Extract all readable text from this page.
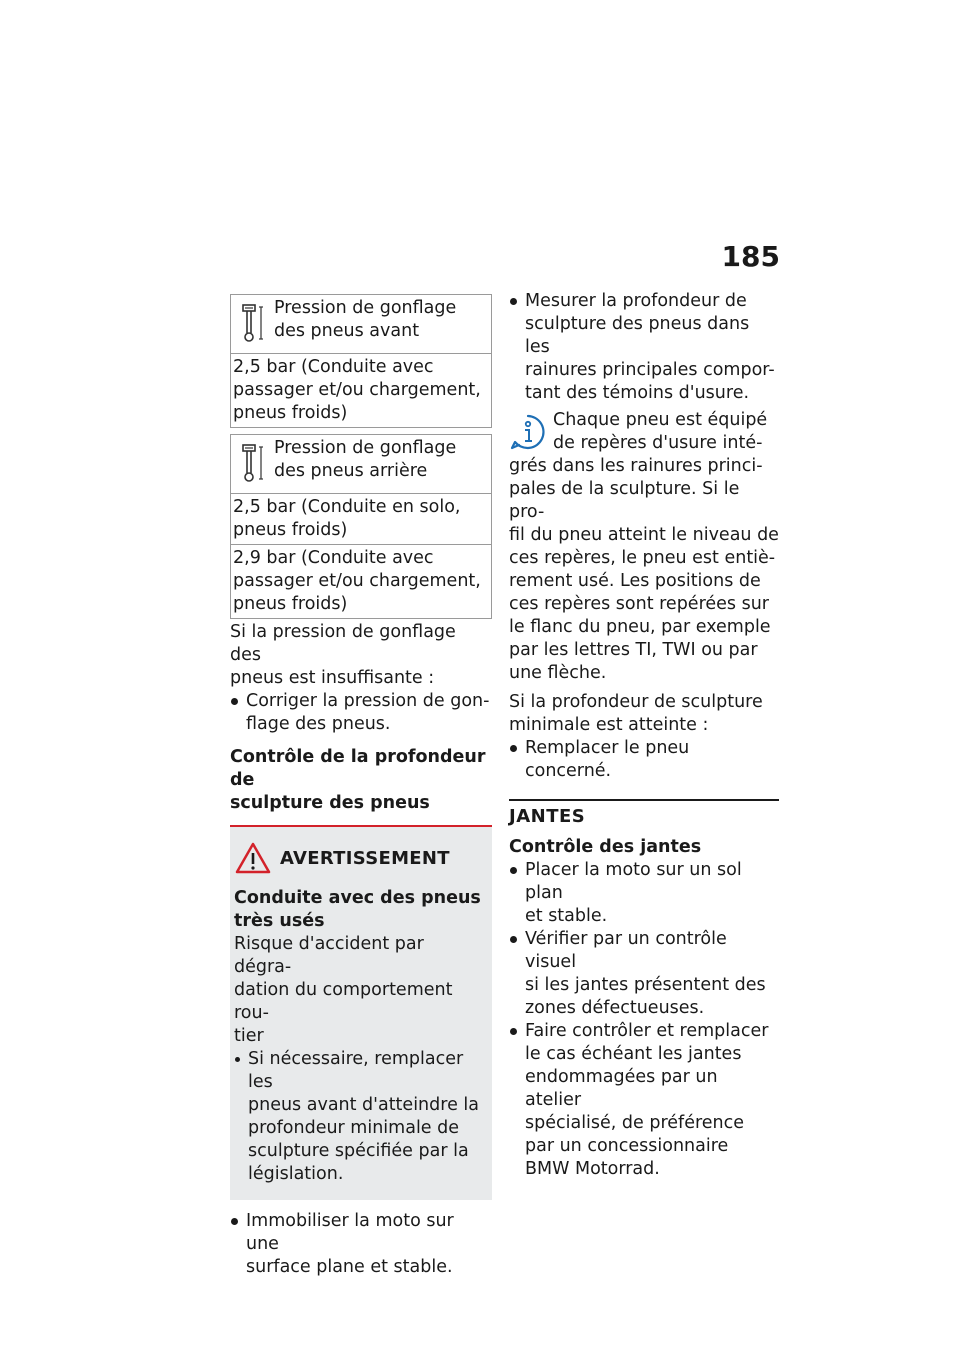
185
Pression de gonflage
des pneus avant
2,5 bar (Conduite avec
passager et/ou chargement,
pneus froids)
Pression de gonflage
des pneus arrière
2,5 bar (Conduite en solo,
pneus froids)
2,9 bar (Conduite avec
passager et/ou chargement,
pneus froids)

Si la pression de gonflage des
pneus est insuffisante :

Corriger la pression de gon-
flage des pneus.

Contrôle de la profondeur de
sculpture des pneus

AVERTISSEMENT

Conduite avec des pneus
très usés

Risque d'accident par dégra-
dation du comportement rou-
tier

Si nécessaire, remplacer les
pneus avant d'atteindre la
profondeur minimale de
sculpture spécifiée par la
législation.
Immobiliser la moto sur une
surface plane et stable.
Mesurer la profondeur de
sculpture des pneus dans les
rainures principales compor-
tant des témoins d'usure.
Chaque pneu est équipé
de repères d'usure inté-
grés dans les rainures princi-
pales de la sculpture. Si le pro-
fil du pneu atteint le niveau de
ces repères, le pneu est entiè-
rement usé. Les positions de
ces repères sont repérées sur
le flanc du pneu, par exemple
par les lettres TI, TWI ou par
une flèche.

Si la profondeur de sculpture
minimale est atteinte :

Remplacer le pneu concerné.
JANTES
Contrôle des jantes
Placer la moto sur un sol plan
et stable.
Vérifier par un contrôle visuel
si les jantes présentent des
zones défectueuses.
Faire contrôler et remplacer
le cas échéant les jantes
endommagées par un atelier
spécialisé, de préférence
par un concessionnaire
BMW Motorrad.
